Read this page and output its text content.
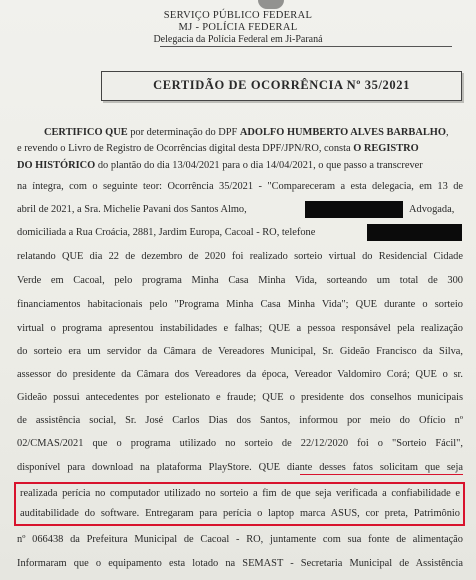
SERVIÇO PÚBLICO FEDERAL
MJ - POLÍCIA FEDERAL
Delegacia da Polícia Federal em Ji-Paraná
CERTIDÃO DE OCORRÊNCIA Nº 35/2021
CERTIFICO QUE por determinação do DPF ADOLFO HUMBERTO ALVES BARBALHO,
e revendo o Livro de Registro de Ocorrências digital desta DPF/JPN/RO, consta O REGISTRO
DO HISTÓRICO do plantão do dia 13/04/2021 para o dia 14/04/2021, o que passo a transcrever
na íntegra, com o seguinte teor: Ocorrência 35/2021 - "Compareceram a esta delegacia, em 13 de
abril de 2021, a Sra. Michelie Pavani dos Santos Almo,	Advogada,
domiciliada a Rua Croácia, 2881, Jardim Europa, Cacoal - RO, telefone
relatando QUE dia 22 de dezembro de 2020 foi realizado sorteio virtual do Residencial Cidade
Verde em Cacoal, pelo programa Minha Casa Minha Vida, sorteando um total de 300
financiamentos habitacionais pelo "Programa Minha Casa Minha Vida"; QUE durante o sorteio
virtual o programa apresentou instabilidades e falhas; QUE a pessoa responsável pela realização
do sorteio era um servidor da Câmara de Vereadores Municipal, Sr. Gideão Francisco da Silva,
assessor do presidente da Câmara dos Vereadores da época, Vereador Valdomiro Corá; QUE o sr.
Gideão possui antecedentes por estelionato e fraude; QUE o presidente dos conselhos municipais
de assistência social, Sr. José Carlos Dias dos Santos, informou por meio do Ofício nº
02/CMAS/2021 que o programa utilizado no sorteio de 22/12/2020 foi o "Sorteio Fácil",
disponível para download na plataforma PlayStore. QUE diante desses fatos solicitam que seja
realizada perícia no computador utilizado no sorteio a fim de que seja verificada a confiabilidade e
auditabilidade do software. Entregaram para perícia o laptop marca ASUS, cor preta, Patrimônio
nº 066438 da Prefeitura Municipal de Cacoal - RO, juntamente com sua fonte de alimentação
Informaram que o equipamento esta lotado na SEMAST - Secretaria Municipal de Assistência
